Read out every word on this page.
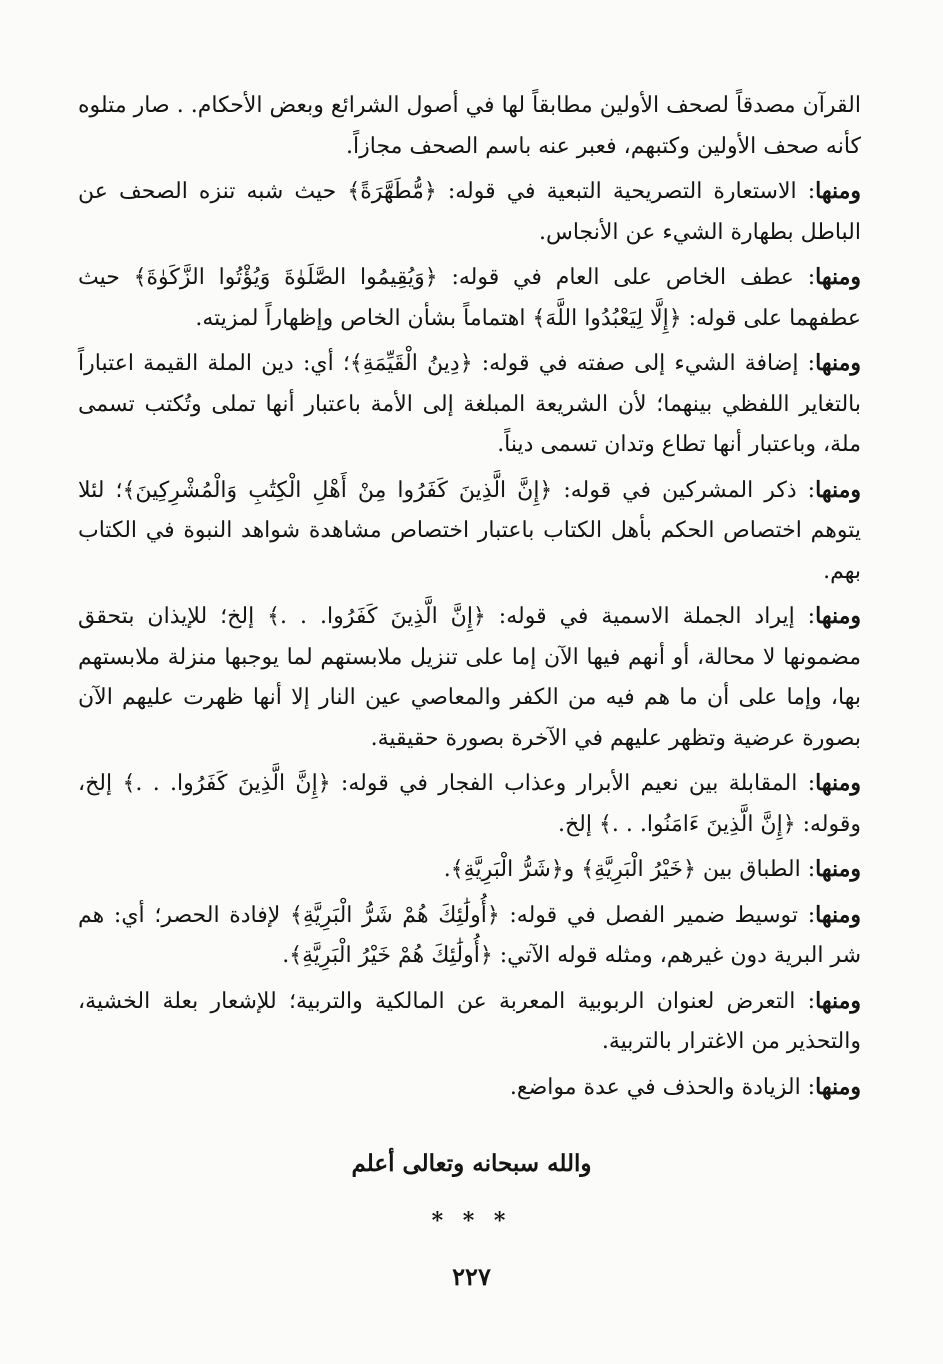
القرآن مصدقاً لصحف الأولين مطابقاً لها في أصول الشرائع وبعض الأحكام. . صار متلوه كأنه صحف الأولين وكتبهم، فعبر عنه باسم الصحف مجازاً.

ومنها: الاستعارة التصريحية التبعية في قوله: ﴿مُّطَهَّرَةً﴾ حيث شبه تنزه الصحف عن الباطل بطهارة الشيء عن الأنجاس.

ومنها: عطف الخاص على العام في قوله: ﴿وَيُقِيمُوا الصَّلَوٰةَ وَيُؤْتُوا الزَّكَوٰةَ﴾ حيث عطفهما على قوله: ﴿إِلَّا لِيَعْبُدُوا اللَّهَ﴾ اهتماماً بشأن الخاص وإظهاراً لمزيته.

ومنها: إضافة الشيء إلى صفته في قوله: ﴿دِينُ الْقَيِّمَةِ﴾؛ أي: دين الملة القيمة اعتباراً بالتغاير اللفظي بينهما؛ لأن الشريعة المبلغة إلى الأمة باعتبار أنها تملى وتُكتب تسمى ملة، وباعتبار أنها تطاع وتدان تسمى ديناً.

ومنها: ذكر المشركين في قوله: ﴿إِنَّ الَّذِينَ كَفَرُوا مِنْ أَهْلِ الْكِتَٰبِ وَالْمُشْرِكِينَ﴾؛ لئلا يتوهم اختصاص الحكم بأهل الكتاب باعتبار اختصاص مشاهدة شواهد النبوة في الكتاب بهم.

ومنها: إيراد الجملة الاسمية في قوله: ﴿إِنَّ الَّذِينَ كَفَرُوا. . .﴾ إلخ؛ للإيذان بتحقق مضمونها لا محالة، أو أنهم فيها الآن إما على تنزيل ملابستهم لما يوجبها منزلة ملابستهم بها، وإما على أن ما هم فيه من الكفر والمعاصي عين النار إلا أنها ظهرت عليهم الآن بصورة عرضية وتظهر عليهم في الآخرة بصورة حقيقية.

ومنها: المقابلة بين نعيم الأبرار وعذاب الفجار في قوله: ﴿إِنَّ الَّذِينَ كَفَرُوا. . .﴾ إلخ، وقوله: ﴿إِنَّ الَّذِينَ ءَامَنُوا. . .﴾ إلخ.

ومنها: الطباق بين ﴿خَيْرُ الْبَرِيَّةِ﴾ و﴿شَرُّ الْبَرِيَّةِ﴾.

ومنها: توسيط ضمير الفصل في قوله: ﴿أُولَٰئِكَ هُمْ شَرُّ الْبَرِيَّةِ﴾ لإفادة الحصر؛ أي: هم شر البرية دون غيرهم، ومثله قوله الآتي: ﴿أُولَٰئِكَ هُمْ خَيْرُ الْبَرِيَّةِ﴾.

ومنها: التعرض لعنوان الربوبية المعربة عن المالكية والتربية؛ للإشعار بعلة الخشية، والتحذير من الاغترار بالتربية.

ومنها: الزيادة والحذف في عدة مواضع.

والله سبحانه وتعالى أعلم
* * *
٢٢٧
